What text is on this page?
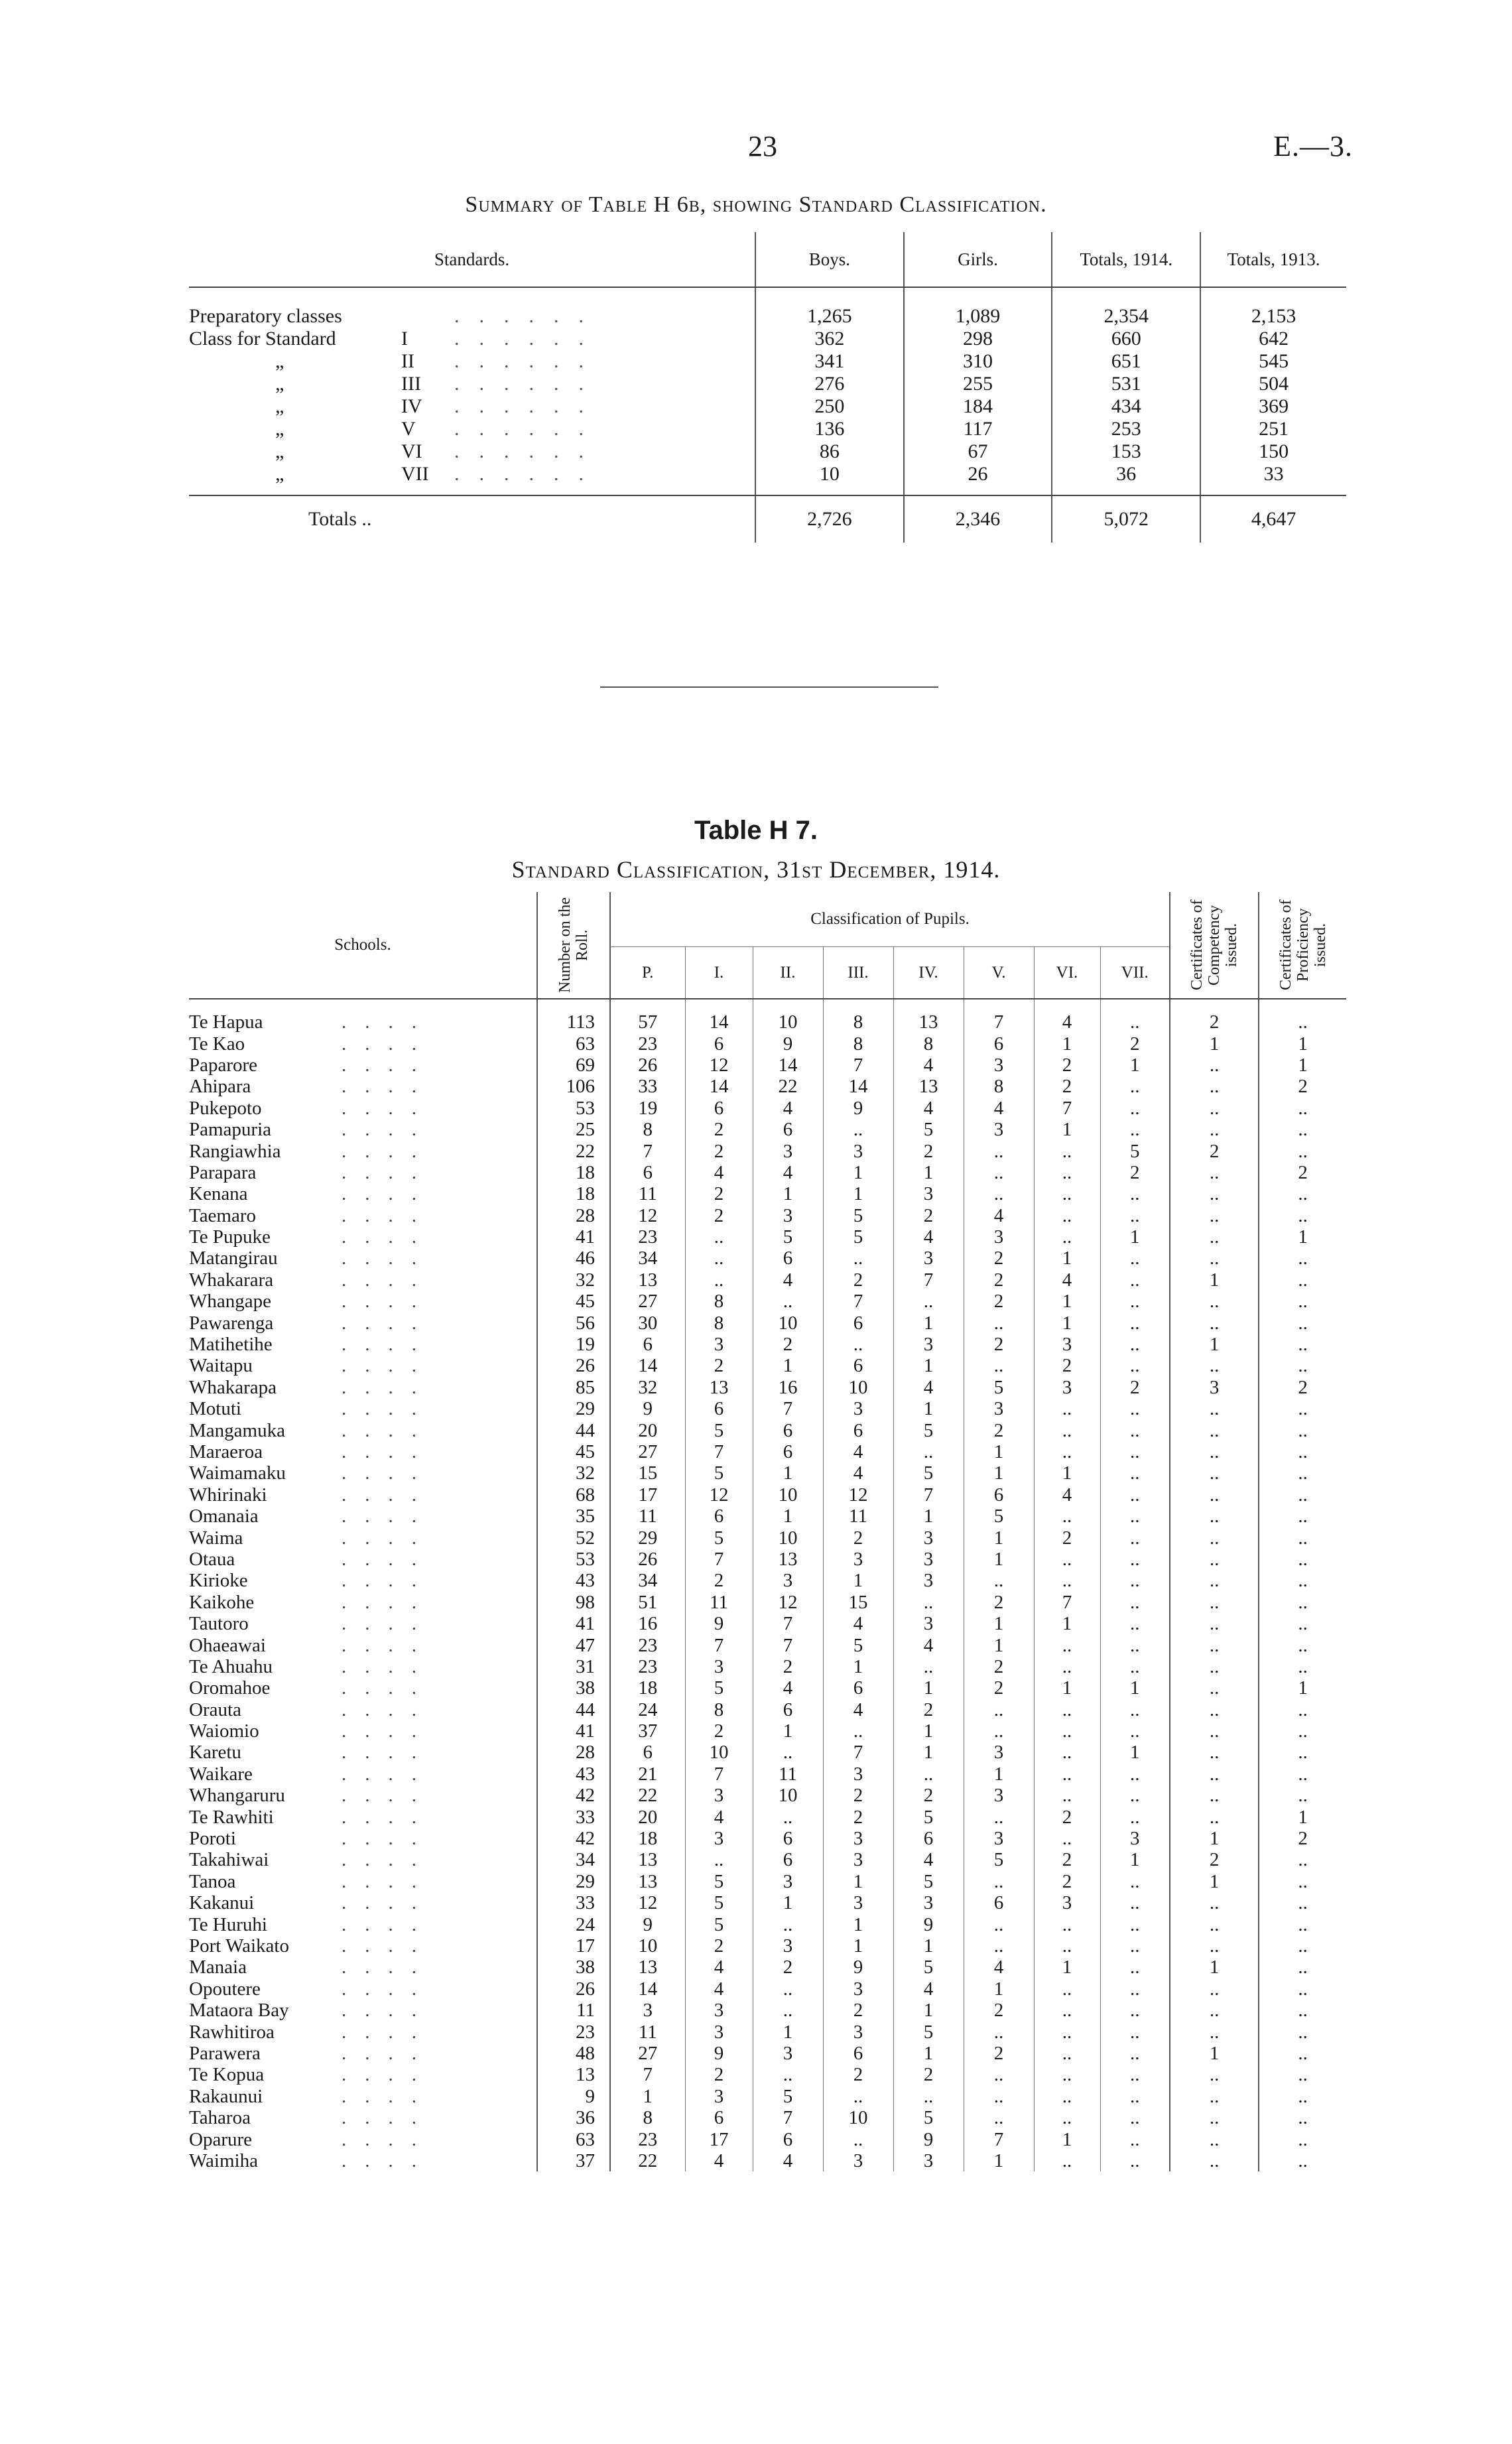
23	E.—3.
Summary of Table H 6b, showing Standard Classification.
Standards.	Boys.	Girls.	Totals, 1914.	Totals, 1913.
Preparatory classes ......	1,265	1,089	2,354	2,153
Class for Standard I ......	362	298	660	642
„ II ......	341	310	651	545
„ III ......	276	255	531	504
„ IV ......	250	184	434	369
„ V ......	136	117	253	251
„ VI ......	86	67	153	150
„ VII ......	10	26	36	33
Totals ..	2,726	2,346	5,072	4,647
Table H 7.
Standard Classification, 31st December, 1914.
Schools.	Number on the Roll.	Classification of Pupils.								Certificates of Competency issued.	Certificates of Proficiency issued.

		P.	I.	II.	III.	IV.	V.	VI.	VII.		
Te Hapua ....	113	57	14	10	8	13	7	4	..	2	..
Te Kao ....	63	23	6	9	8	8	6	1	2	1	1
Paparore ....	69	26	12	14	7	4	3	2	1	..	1
Ahipara ....	106	33	14	22	14	13	8	2	..	..	2
Pukepoto ....	53	19	6	4	9	4	4	7	..	..	..
Pamapuria ....	25	8	2	6	..	5	3	1	..	..	..
Rangiawhia ....	22	7	2	3	3	2	..	..	5	2	..
Parapara ....	18	6	4	4	1	1	..	..	2	..	2
Kenana ....	18	11	2	1	1	3	..	..	..	..	..
Taemaro ....	28	12	2	3	5	2	4	..	..	..	..
Te Pupuke ....	41	23	..	5	5	4	3	..	1	..	1
Matangirau ....	46	34	..	6	..	3	2	1	..	..	..
Whakarara ....	32	13	..	4	2	7	2	4	..	1	..
Whangape ....	45	27	8	..	7	..	2	1	..	..	..
Pawarenga ....	56	30	8	10	6	1	..	1	..	..	..
Matihetihe ....	19	6	3	2	..	3	2	3	..	1	..
Waitapu ....	26	14	2	1	6	1	..	2	..	..	..
Whakarapa ....	85	32	13	16	10	4	5	3	2	3	2
Motuti ....	29	9	6	7	3	1	3	..	..	..	..
Mangamuka ....	44	20	5	6	6	5	2	..	..	..	..
Maraeroa ....	45	27	7	6	4	..	1	..	..	..	..
Waimamaku ....	32	15	5	1	4	5	1	1	..	..	..
Whirinaki ....	68	17	12	10	12	7	6	4	..	..	..
Omanaia ....	35	11	6	1	11	1	5	..	..	..	..
Waima ....	52	29	5	10	2	3	1	2	..	..	..
Otaua ....	53	26	7	13	3	3	1	..	..	..	..
Kirioke ....	43	34	2	3	1	3	..	..	..	..	..
Kaikohe ....	98	51	11	12	15	..	2	7	..	..	..
Tautoro ....	41	16	9	7	4	3	1	1	..	..	..
Ohaeawai ....	47	23	7	7	5	4	1	..	..	..	..
Te Ahuahu ....	31	23	3	2	1	..	2	..	..	..	..
Oromahoe ....	38	18	5	4	6	1	2	1	1	..	1
Orauta ....	44	24	8	6	4	2	..	..	..	..	..
Waiomio ....	41	37	2	1	..	1	..	..	..	..	..
Karetu ....	28	6	10	..	7	1	3	..	1	..	..
Waikare ....	43	21	7	11	3	..	1	..	..	..	..
Whangaruru ....	42	22	3	10	2	2	3	..	..	..	..
Te Rawhiti ....	33	20	4	..	2	5	..	2	..	..	1
Poroti ....	42	18	3	6	3	6	3	..	3	1	2
Takahiwai ....	34	13	..	6	3	4	5	2	1	2	..
Tanoa ....	29	13	5	3	1	5	..	2	..	1	..
Kakanui ....	33	12	5	1	3	3	6	3	..	..	..
Te Huruhi ....	24	9	5	..	1	9	..	..	..	..	..
Port Waikato ....	17	10	2	3	1	1	..	..	..	..	..
Manaia ....	38	13	4	2	9	5	4	1	..	1	..
Opoutere ....	26	14	4	..	3	4	1	..	..	..	..
Mataora Bay ....	11	3	3	..	2	1	2	..	..	..	..
Rawhitiroa ....	23	11	3	1	3	5	..	..	..	..	..
Parawera ....	48	27	9	3	6	1	2	..	..	1	..
Te Kopua ....	13	7	2	..	2	2	..	..	..	..	..
Rakaunui ....	9	1	3	5	..	..	..	..	..	..	..
Taharoa ....	36	8	6	7	10	5	..	..	..	..	..
Oparure ....	63	23	17	6	..	9	7	1	..	..	..
Waimiha ....	37	22	4	4	3	3	1	..	..	..	..
